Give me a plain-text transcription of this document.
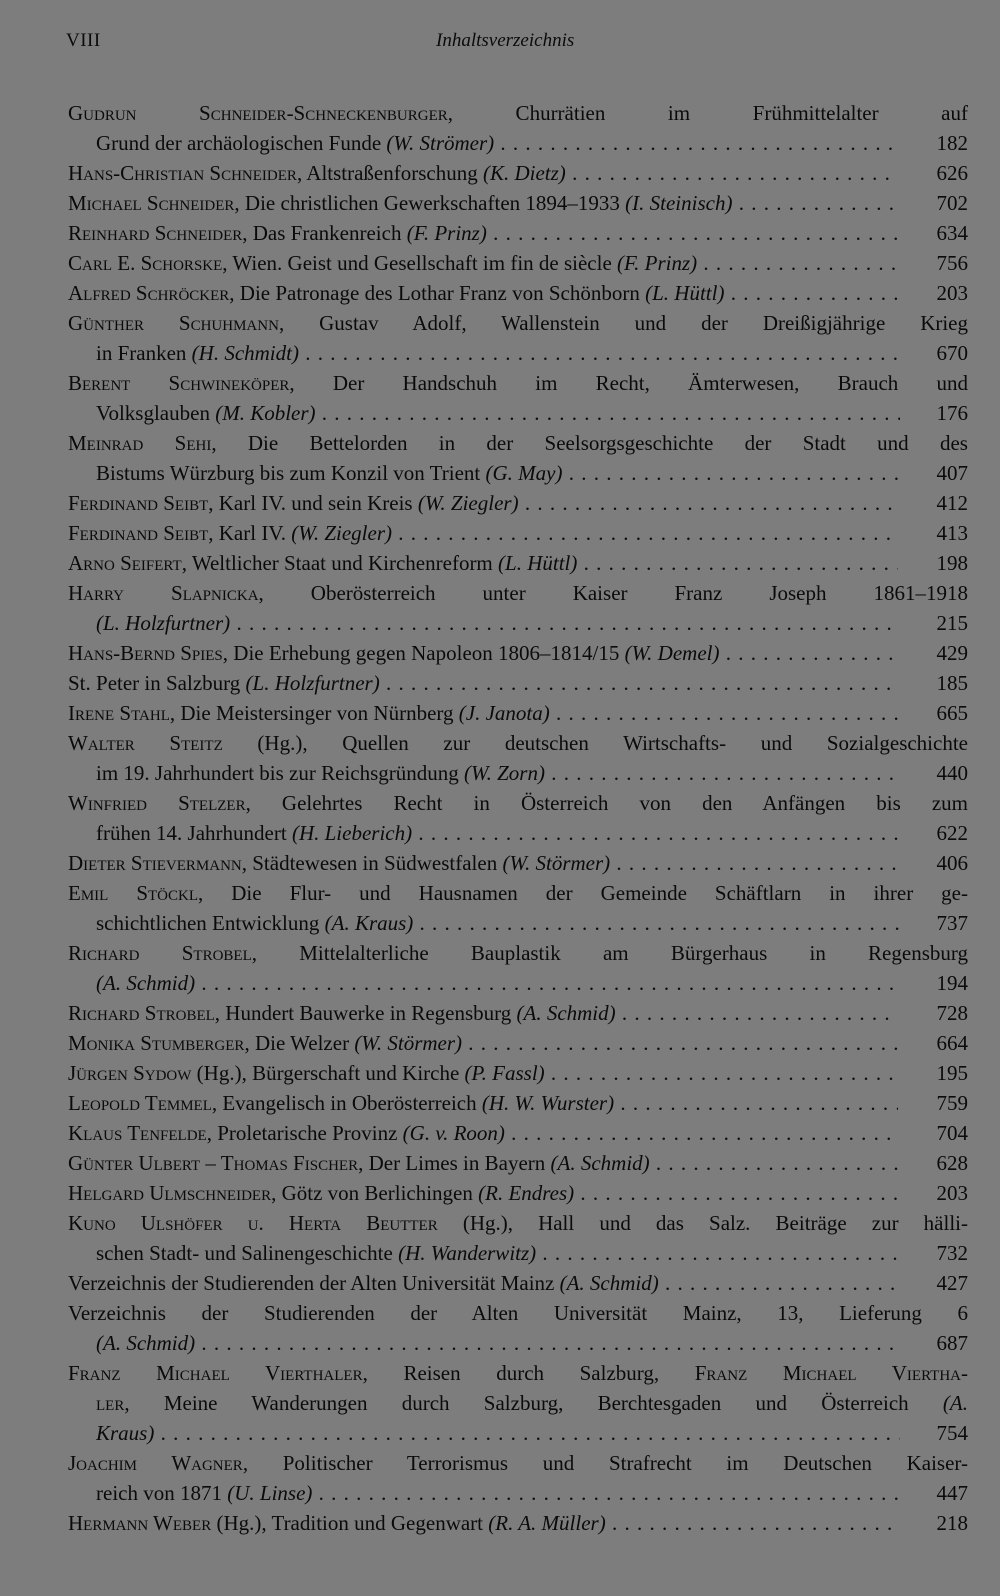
VIII	Inhaltsverzeichnis
Gudrun Schneider-Schneckenburger, Churrätien im Frühmittelalter auf
Grund der archäologischen Funde (W. Strömer) . . .	182
Hans-Christian Schneider, Altstraßenforschung (K. Dietz) . . .	626
Michael Schneider, Die christlichen Gewerkschaften 1894–1933 (I. Steinisch) . . .	702
Reinhard Schneider, Das Frankenreich (F. Prinz) . . .	634
Carl E. Schorske, Wien. Geist und Gesellschaft im fin de siècle (F. Prinz) . . .	756
Alfred Schröcker, Die Patronage des Lothar Franz von Schönborn (L. Hüttl) . . .	203
Günther Schuhmann, Gustav Adolf, Wallenstein und der Dreißigjährige Krieg
in Franken (H. Schmidt) . . .	670
Berent Schwineköper, Der Handschuh im Recht, Ämterwesen, Brauch und
Volksglauben (M. Kobler) . . .	176
Meinrad Sehi, Die Bettelorden in der Seelsorgsgeschichte der Stadt und des
Bistums Würzburg bis zum Konzil von Trient (G. May) . . .	407
Ferdinand Seibt, Karl IV. und sein Kreis (W. Ziegler) . . .	412
Ferdinand Seibt, Karl IV. (W. Ziegler) . . .	413
Arno Seifert, Weltlicher Staat und Kirchenreform (L. Hüttl) . . .	198
Harry Slapnicka, Oberösterreich unter Kaiser Franz Joseph 1861–1918
(L. Holzfurtner) . . .	215
Hans-Bernd Spies, Die Erhebung gegen Napoleon 1806–1814/15 (W. Demel) . . .	429
St. Peter in Salzburg (L. Holzfurtner) . . .	185
Irene Stahl, Die Meistersinger von Nürnberg (J. Janota) . . .	665
Walter Steitz (Hg.), Quellen zur deutschen Wirtschafts- und Sozialgeschichte
im 19. Jahrhundert bis zur Reichsgründung (W. Zorn) . . .	440
Winfried Stelzer, Gelehrtes Recht in Österreich von den Anfängen bis zum
frühen 14. Jahrhundert (H. Lieberich) . . .	622
Dieter Stievermann, Städtewesen in Südwestfalen (W. Störmer) . . .	406
Emil Stöckl, Die Flur- und Hausnamen der Gemeinde Schäftlarn in ihrer ge-
schichtlichen Entwicklung (A. Kraus) . . .	737
Richard Strobel, Mittelalterliche Bauplastik am Bürgerhaus in Regensburg
(A. Schmid) . . .	194
Richard Strobel, Hundert Bauwerke in Regensburg (A. Schmid) . . .	728
Monika Stumberger, Die Welzer (W. Störmer) . . .	664
Jürgen Sydow (Hg.), Bürgerschaft und Kirche (P. Fassl) . . .	195
Leopold Temmel, Evangelisch in Oberösterreich (H. W. Wurster) . . .	759
Klaus Tenfelde, Proletarische Provinz (G. v. Roon) . . .	704
Günter Ulbert – Thomas Fischer, Der Limes in Bayern (A. Schmid) . . .	628
Helgard Ulmschneider, Götz von Berlichingen (R. Endres) . . .	203
Kuno Ulshöfer u. Herta Beutter (Hg.), Hall und das Salz. Beiträge zur hälli-
schen Stadt- und Salinengeschichte (H. Wanderwitz) . . .	732
Verzeichnis der Studierenden der Alten Universität Mainz (A. Schmid) . . .	427
Verzeichnis der Studierenden der Alten Universität Mainz, 13, Lieferung 6
(A. Schmid) . . .	687
Franz Michael Vierthaler, Reisen durch Salzburg, Franz Michael Viertha-
ler, Meine Wanderungen durch Salzburg, Berchtesgaden und Österreich (A.
Kraus) . . .	754
Joachim Wagner, Politischer Terrorismus und Strafrecht im Deutschen Kaiser-
reich von 1871 (U. Linse) . . .	447
Hermann Weber (Hg.), Tradition und Gegenwart (R. A. Müller) . . .	218
